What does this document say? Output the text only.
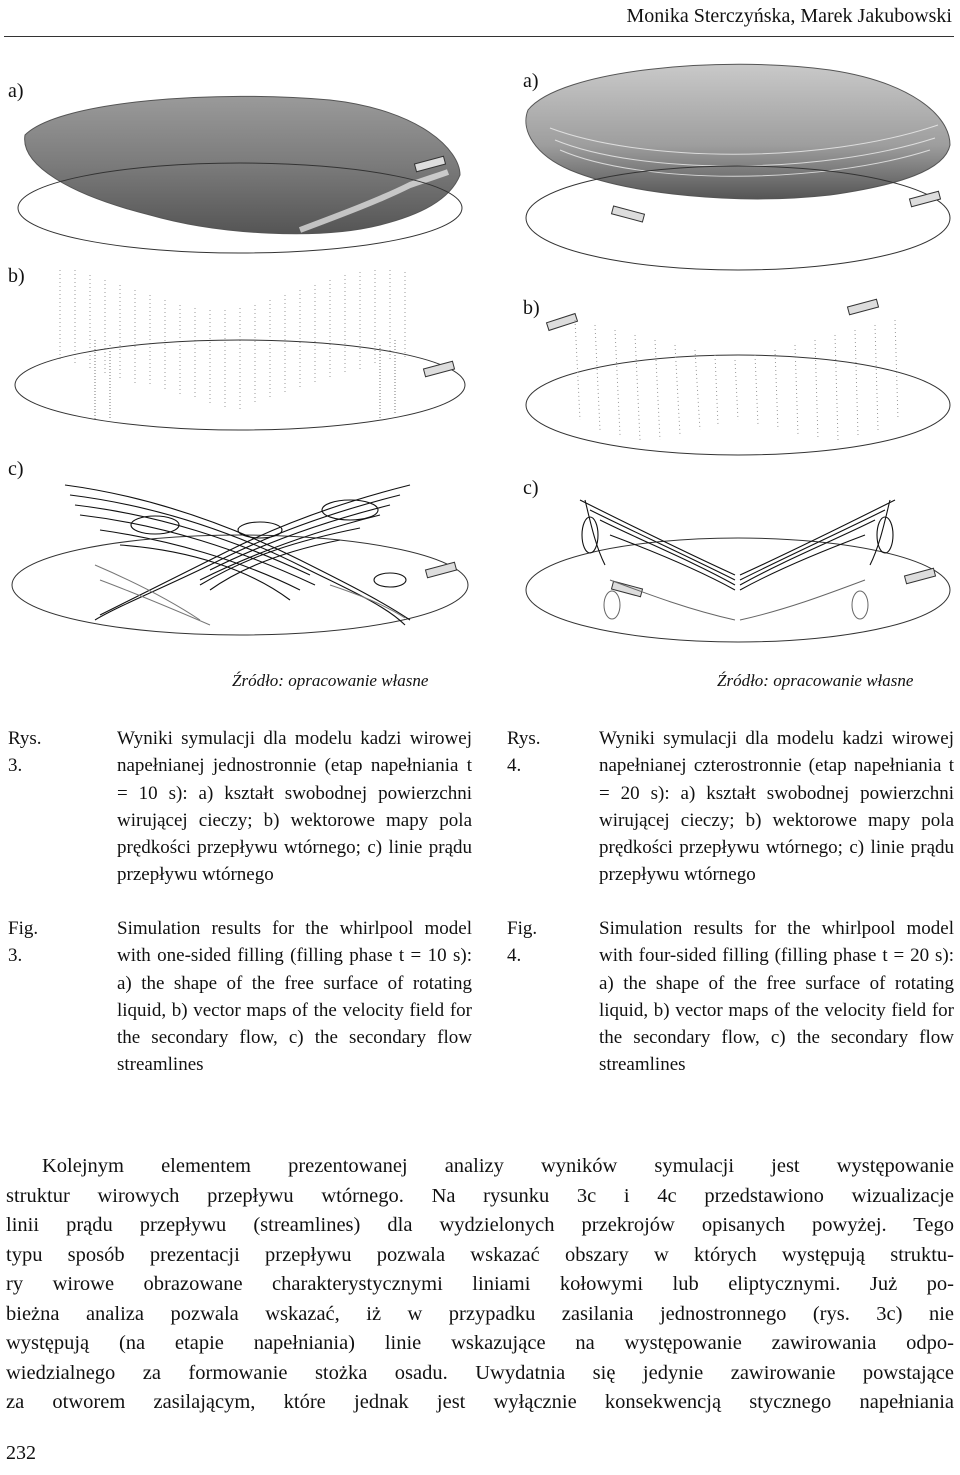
Monika Sterczyńska, Marek Jakubowski
a)
b)
c)
Źródło: opracowanie własne
Rys. 3.
Wyniki symulacji dla modelu kadzi wirowej napełnianej jednostronnie (etap napełniania t = 10 s): a) kształt swobodnej powierzchni wirującej cieczy; b) wektorowe mapy pola prędkości przepływu wtórnego; c) linie prądu przepływu wtórnego
Fig. 3.
Simulation results for the whirlpool model with one-sided filling (filling phase t = 10 s): a) the shape of the free surface of rotating liquid, b) vector maps of the velocity field for the secondary flow, c) the secondary flow streamlines
a)
b)
c)
Źródło: opracowanie własne
Rys. 4.
Wyniki symulacji dla modelu kadzi wirowej napełnianej czterostronnie (etap napełniania t = 20 s): a) kształt swobodnej powierzchni wirującej cieczy; b) wektorowe mapy pola prędkości przepływu wtórnego; c) linie prądu przepływu wtórnego
Fig. 4.
Simulation results for the whirlpool model with four-sided filling (filling phase t = 20 s): a) the shape of the free surface of rotating liquid, b) vector maps of the velocity field for the secondary flow, c) the secondary flow streamlines
Kolejnym elementem prezentowanej analizy wyników symulacji jest występowanie
struktur wirowych przepływu wtórnego. Na rysunku 3c i 4c przedstawiono wizualizacje
linii prądu przepływu (streamlines) dla wydzielonych przekrojów opisanych powyżej. Tego
typu sposób prezentacji przepływu pozwala wskazać obszary w których występują struktu-
ry wirowe obrazowane charakterystycznymi liniami kołowymi lub eliptycznymi. Już po-
bieżna analiza pozwala wskazać, iż w przypadku zasilania jednostronnego (rys. 3c) nie
występują (na etapie napełniania) linie wskazujące na występowanie zawirowania odpo-
wiedzialnego za formowanie stożka osadu. Uwydatnia się jedynie zawirowanie powstające
za otworem zasilającym, które jednak jest wyłącznie konsekwencją stycznego napełniania
232
